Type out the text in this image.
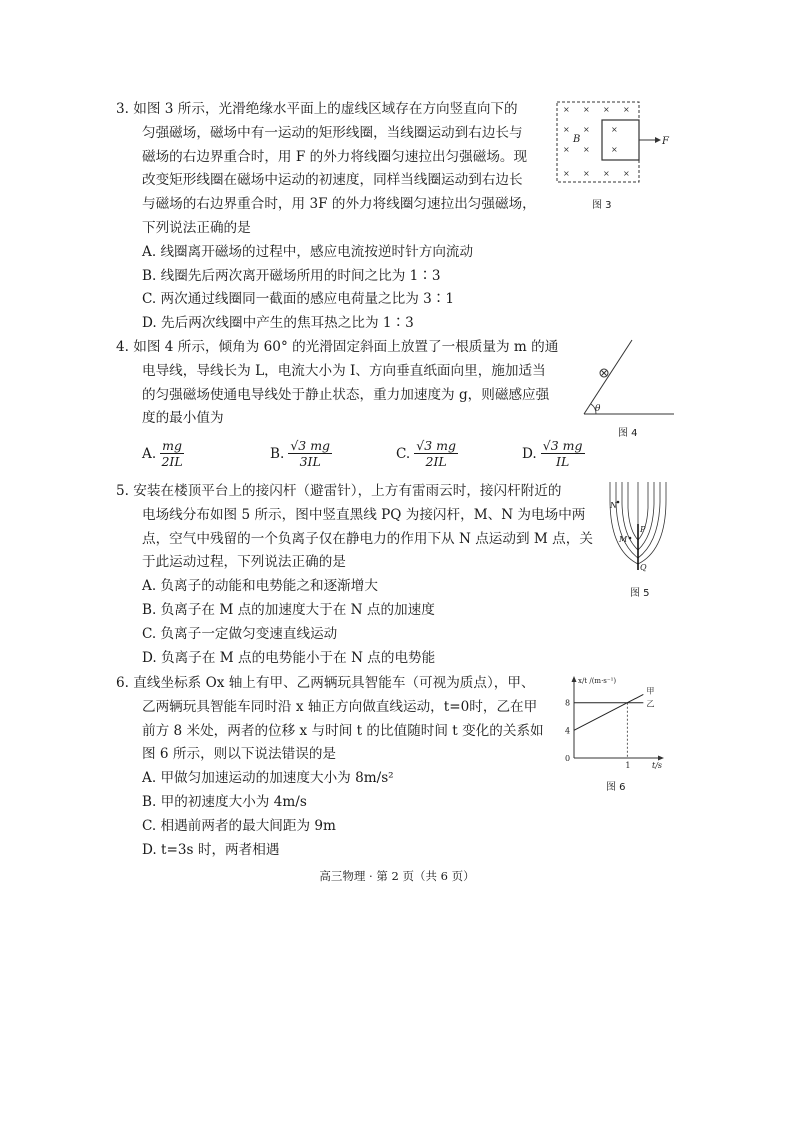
3. 如图 3 所示，光滑绝缘水平面上的虚线区域存在方向竖直向下的
匀强磁场，磁场中有一运动的矩形线圈，当线圈运动到右边长与
磁场的右边界重合时，用 F 的外力将线圈匀速拉出匀强磁场。现
改变矩形线圈在磁场中运动的初速度，同样当线圈运动到右边长
与磁场的右边界重合时，用 3F 的外力将线圈匀速拉出匀强磁场，
下列说法正确的是
A. 线圈离开磁场的过程中，感应电流按逆时针方向流动
B. 线圈先后两次离开磁场所用的时间之比为 1∶3
C. 两次通过线圈同一截面的感应电荷量之比为 3∶1
D. 先后两次线圈中产生的焦耳热之比为 1∶3
× × × ×
× ×	×
× ×	×
× × × ×
B	F
图 3
4. 如图 4 所示，倾角为 60° 的光滑固定斜面上放置了一根质量为 m 的通
电导线，导线长为 L，电流大小为 I、方向垂直纸面向里，施加适当
的匀强磁场使通电导线处于静止状态，重力加速度为 g，则磁感应强
度的最小值为
A. $\frac{mg}{2IL}$	B. $\frac{√3 mg}{3IL}$	C. $\frac{√3 mg}{2IL}$	D. $\frac{√3 mg}{IL}$
θ
图 4
5. 安装在楼顶平台上的接闪杆（避雷针），上方有雷雨云时，接闪杆附近的
电场线分布如图 5 所示，图中竖直黑线 PQ 为接闪杆，M、N 为电场中两
点，空气中残留的一个负离子仅在静电力的作用下从 N 点运动到 M 点，关
于此运动过程，下列说法正确的是
A. 负离子的动能和电势能之和逐渐增大
B. 负离子在 M 点的加速度大于在 N 点的加速度
C. 负离子一定做匀变速直线运动
D. 负离子在 M 点的电势能小于在 N 点的电势能
N
M
P
Q
图 5
6. 直线坐标系 Ox 轴上有甲、乙两辆玩具智能车（可视为质点），甲、
乙两辆玩具智能车同时沿 x 轴正方向做直线运动，t=0时，乙在甲
前方 8 米处，两者的位移 x 与时间 t 的比值随时间 t 变化的关系如
图 6 所示，则以下说法错误的是
A. 甲做匀加速运动的加速度大小为 8m/s²
B. 甲的初速度大小为 4m/s
C. 相遇前两者的最大间距为 9m
D. t=3s 时，两者相遇
x/t /(m·s⁻¹)
t/s
0
4
8
1
甲
乙
图 6
高三物理 · 第 2 页（共 6 页）
